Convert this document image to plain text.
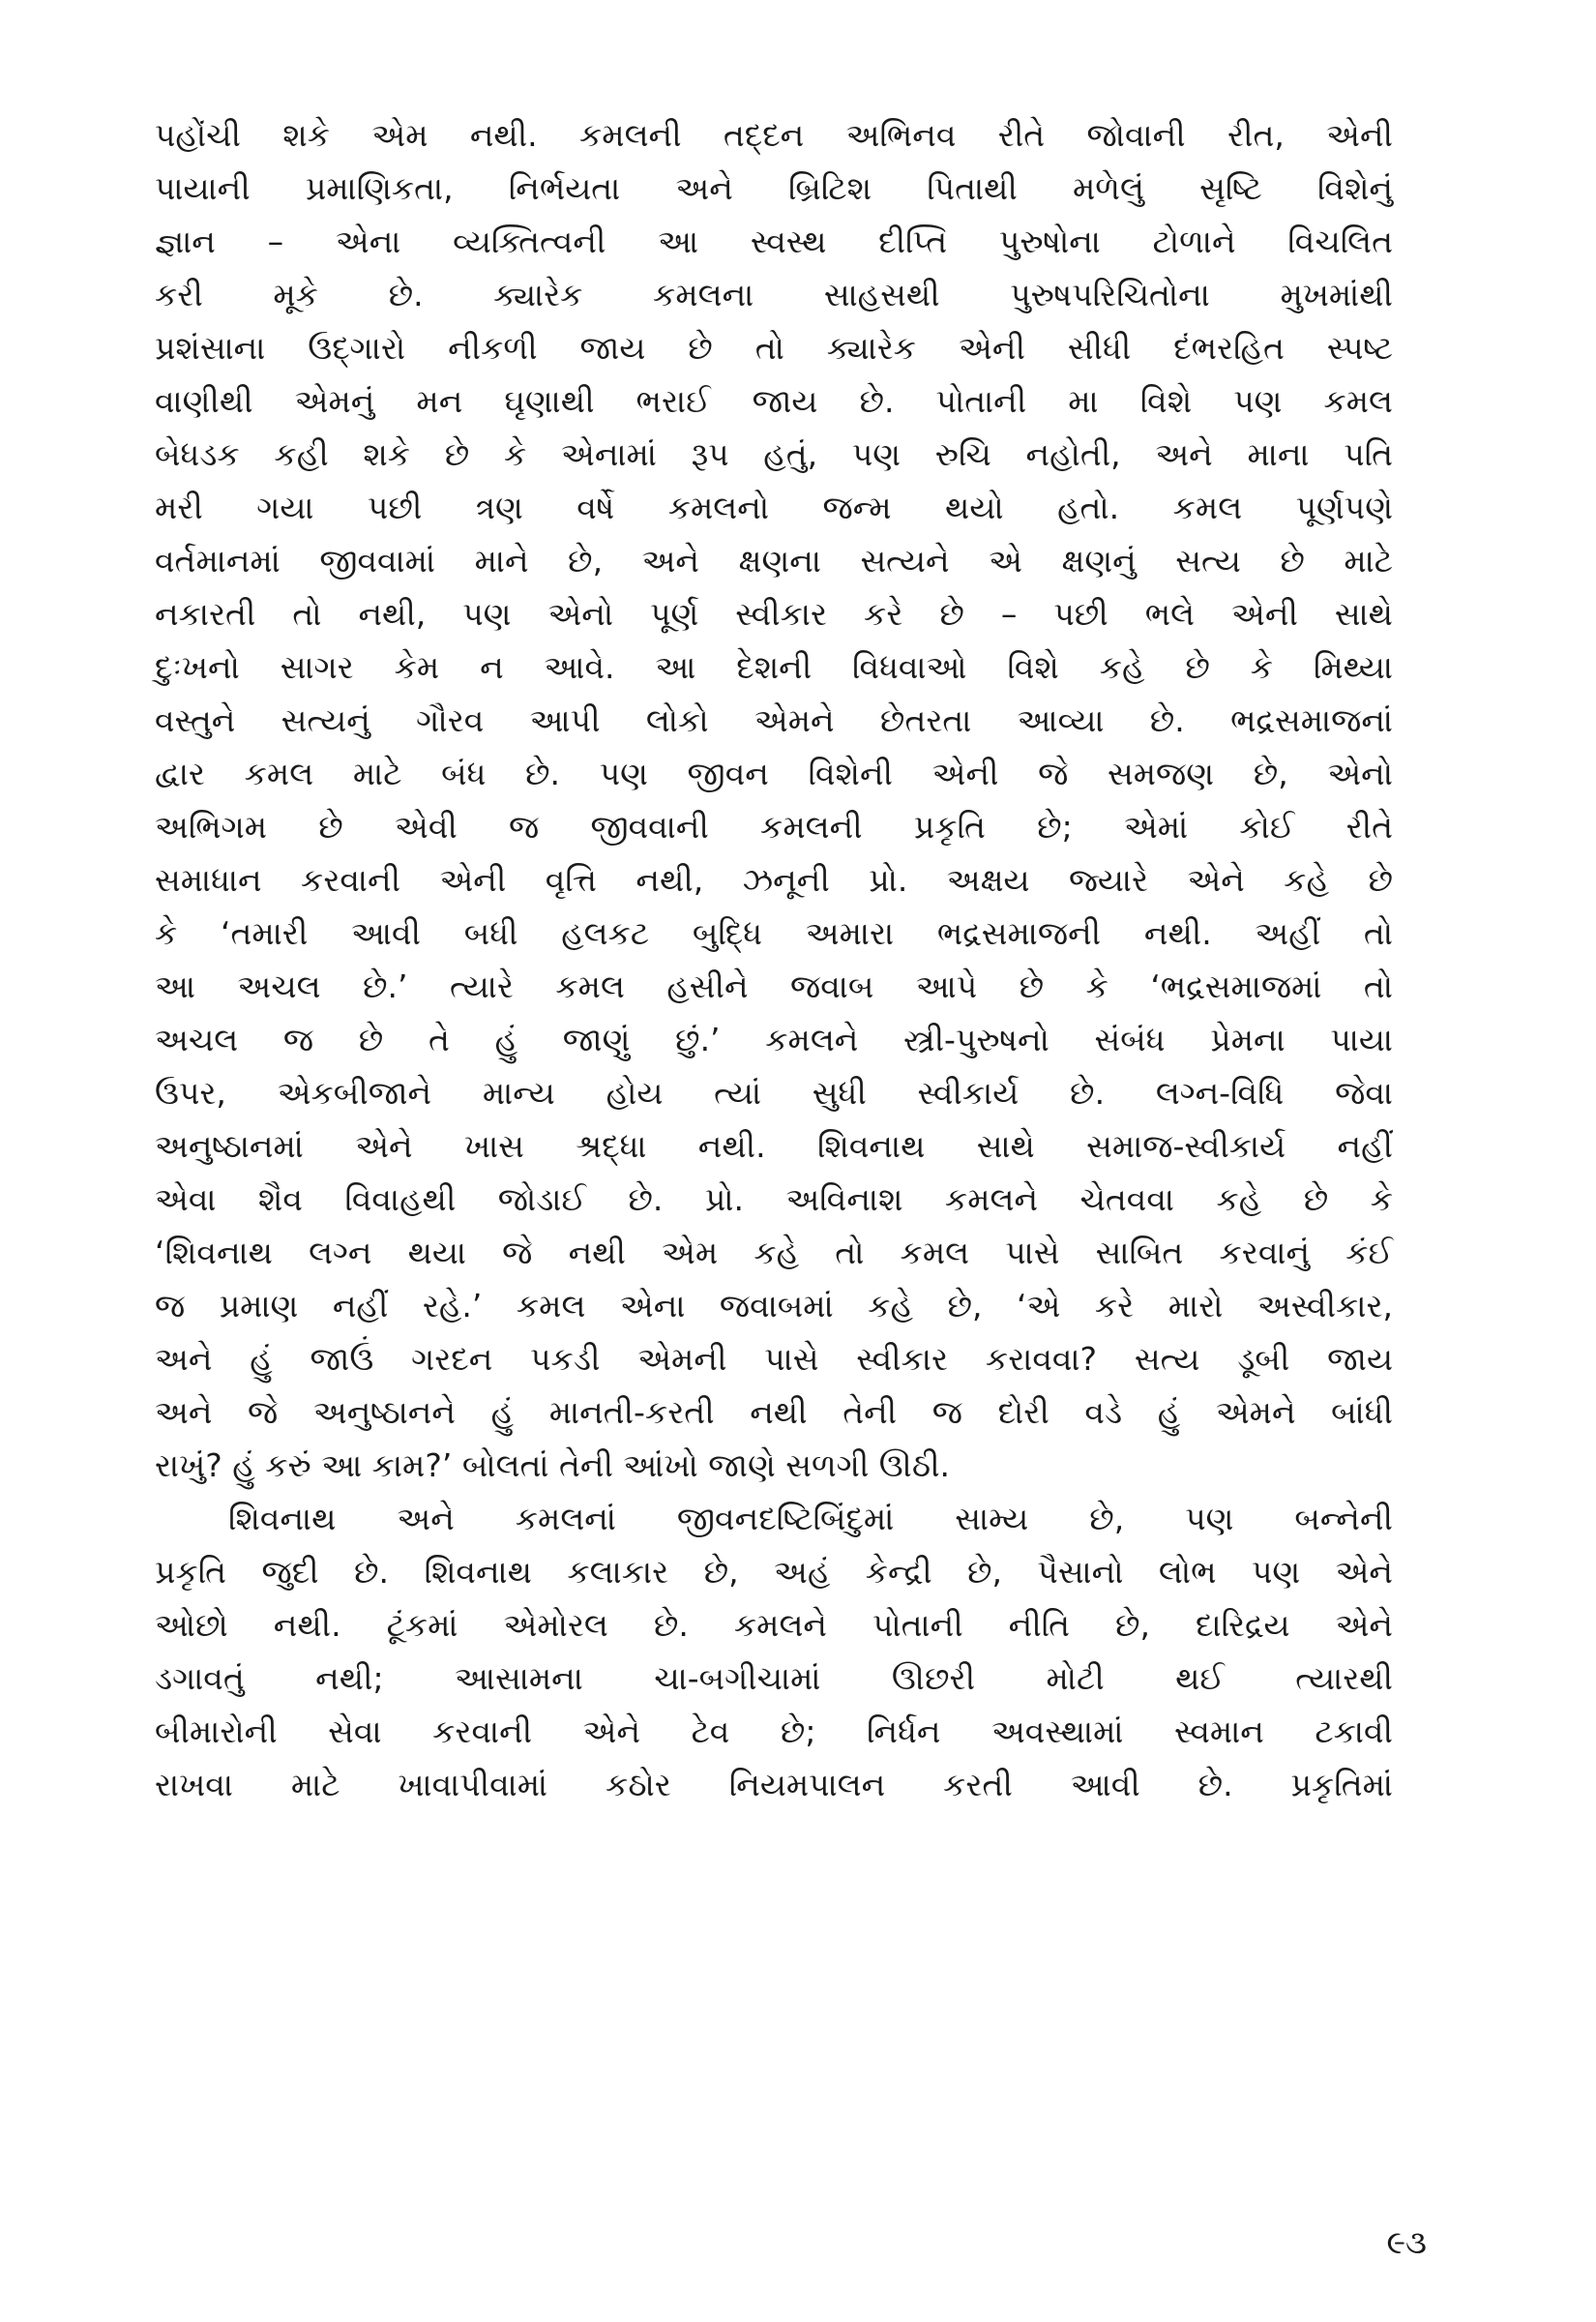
પહોંચી શકે એમ નથી. કમલની તદ્દન અભિનવ રીતે જોવાની રીત, એની
પાયાની પ્રમાણિકતા, નિર્ભયતા અને બ્રિટિશ પિતાથી મળેલું સૃષ્ટિ વિશેનું
જ્ઞાન – એના વ્યક્તિત્વની આ સ્વસ્થ દીપ્તિ પુરુષોના ટોળાને વિચલિત
કરી મૂકે છે. ક્યારેક કમલના સાહસથી પુરુષપરિચિતોના મુખમાંથી
પ્રશંસાના ઉદ્ગારો નીકળી જાય છે તો ક્યારેક એની સીધી દંભરહિત સ્પષ્ટ
વાણીથી એમનું મન ઘૃણાથી ભરાઈ જાય છે. પોતાની મા વિશે પણ કમલ
બેધડક કહી શકે છે કે એનામાં રૂપ હતું, પણ રુચિ નહોતી, અને માના પતિ
મરી ગયા પછી ત્રણ વર્ષે કમલનો જન્મ થયો હતો. કમલ પૂર્ણપણે
વર્તમાનમાં જીવવામાં માને છે, અને ક્ષણના સત્યને એ ક્ષણનું સત્ય છે માટે
નકારતી તો નથી, પણ એનો પૂર્ણ સ્વીકાર કરે છે – પછી ભલે એની સાથે
દુઃખનો સાગર કેમ ન આવે. આ દેશની વિધવાઓ વિશે કહે છે કે મિથ્યા
વસ્તુને સત્યનું ગૌરવ આપી લોકો એમને છેતરતા આવ્યા છે. ભદ્રસમાજનાં
દ્વાર કમલ માટે બંધ છે. પણ જીવન વિશેની એની જે સમજણ છે, એનો
અભિગમ છે એવી જ જીવવાની કમલની પ્રકૃતિ છે; એમાં કોઈ રીતે
સમાધાન કરવાની એની વૃત્તિ નથી, ઝનૂની પ્રો. અક્ષય જ્યારે એને કહે છે
કે ‘તમારી આવી બધી હલકટ બુદ્ધિ અમારા ભદ્રસમાજની નથી. અહીં તો
આ અચલ છે.’ ત્યારે કમલ હસીને જવાબ આપે છે કે ‘ભદ્રસમાજમાં તો
અચલ જ છે તે હું જાણું છું.’ કમલને સ્ત્રી-પુરુષનો સંબંધ પ્રેમના પાયા
ઉપર, એકબીજાને માન્ય હોય ત્યાં સુધી સ્વીકાર્ય છે. લગ્ન-વિધિ જેવા
અનુષ્ઠાનમાં એને ખાસ શ્રદ્ધા નથી. શિવનાથ સાથે સમાજ-સ્વીકાર્ય નહીં
એવા શૈવ વિવાહથી જોડાઈ છે. પ્રો. અવિનાશ કમલને ચેતવવા કહે છે કે
‘શિવનાથ લગ્ન થયા જે નથી એમ કહે તો કમલ પાસે સાબિત કરવાનું કંઈ
જ પ્રમાણ નહીં રહે.’ કમલ એના જવાબમાં કહે છે, ‘એ કરે મારો અસ્વીકાર,
અને હું જાઉં ગરદન પકડી એમની પાસે સ્વીકાર કરાવવા? સત્ય ડૂબી જાય
અને જે અનુષ્ઠાનને હું માનતી-કરતી નથી તેની જ દોરી વડે હું એમને બાંધી
રાખું? હું કરું આ કામ?’ બોલતાં તેની આંખો જાણે સળગી ઊઠી.
શિવનાથ અને કમલનાં જીવનદષ્ટિબિંદુમાં સામ્ય છે, પણ બન્નેની
પ્રકૃતિ જુદી છે. શિવનાથ કલાકાર છે, અહં કેન્દ્રી છે, પૈસાનો લોભ પણ એને
ઓછો નથી. ટૂંકમાં એમોરલ છે. કમલને પોતાની નીતિ છે, દારિદ્રય એને
ડગાવતું નથી; આસામના ચા-બગીચામાં ઊછરી મોટી થઈ ત્યારથી
બીમારોની સેવા કરવાની એને ટેવ છે; નિર્ધન અવસ્થામાં સ્વમાન ટકાવી
રાખવા માટે ખાવાપીવામાં કઠોર નિયમપાલન કરતી આવી છે. પ્રકૃતિમાં
૯૩
